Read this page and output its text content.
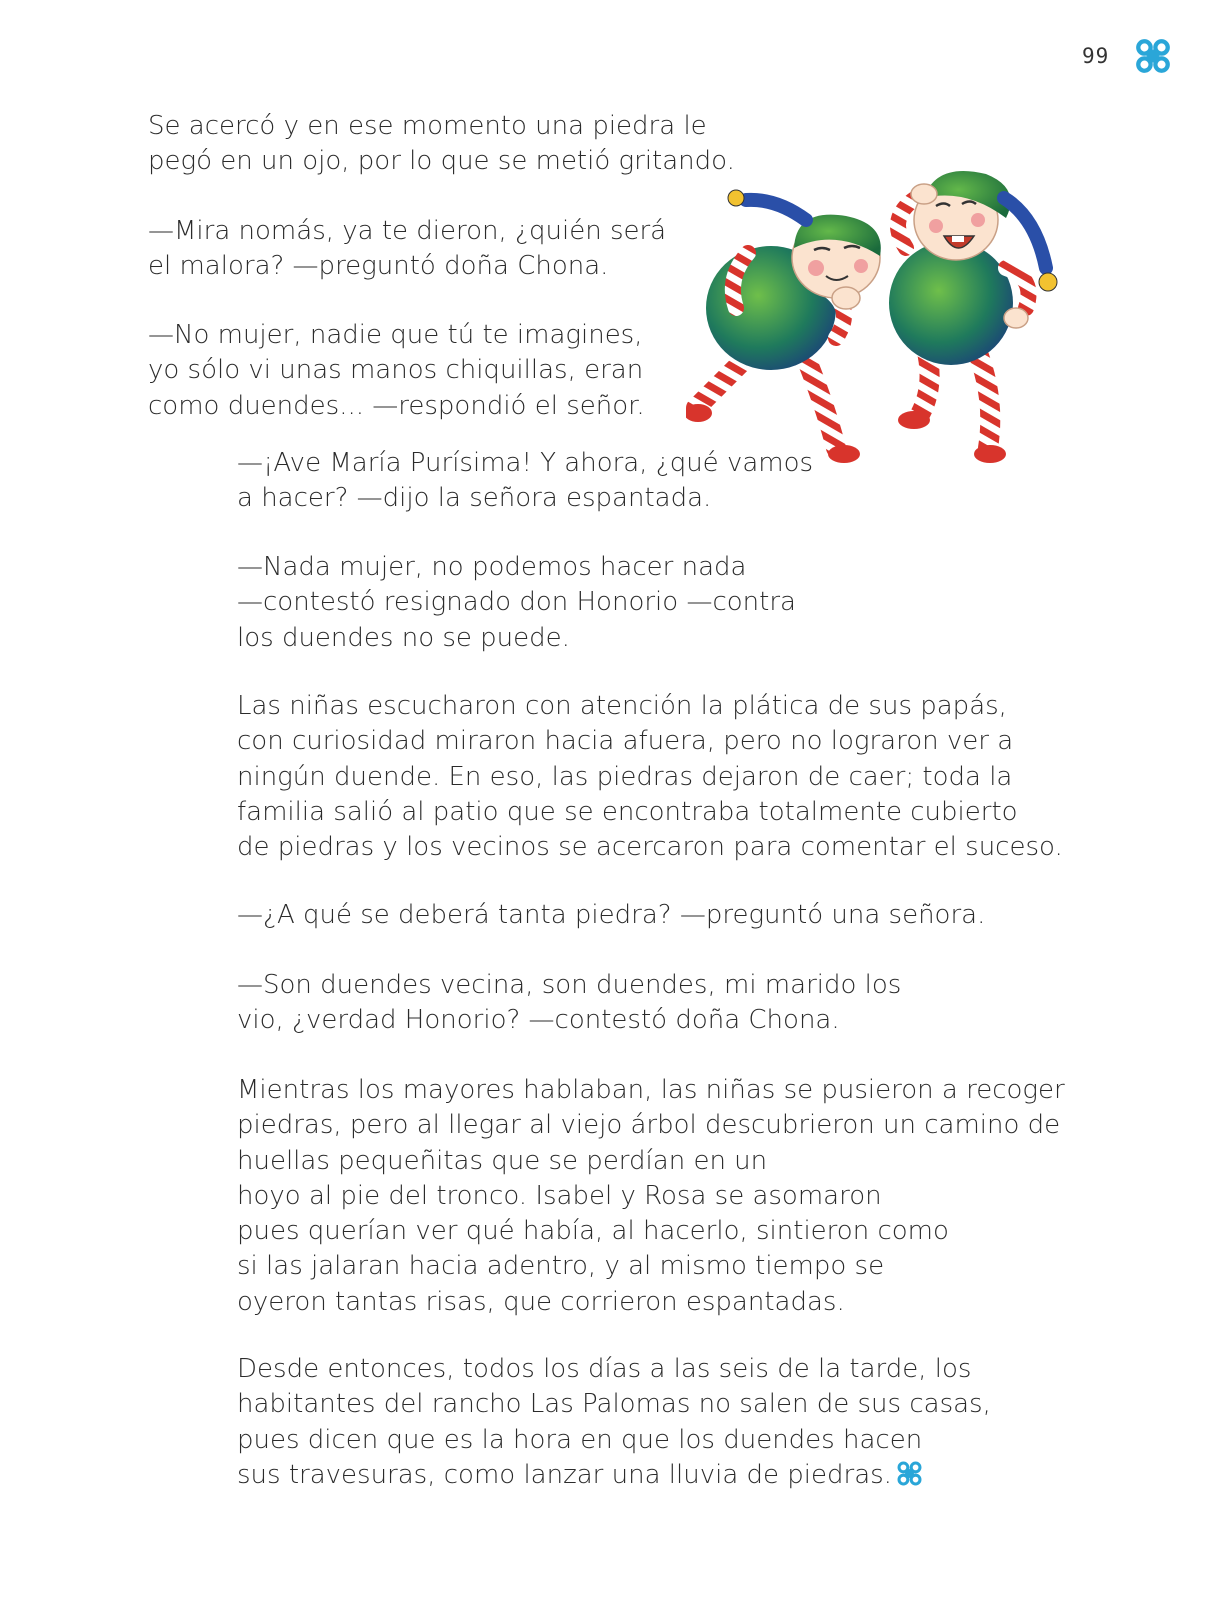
99

Se acercó y en ese momento una piedra le
pegó en un ojo, por lo que se metió gritando.

—Mira nomás, ya te dieron, ¿quién será
el malora? —preguntó doña Chona.

—No mujer, nadie que tú te imagines,
yo sólo vi unas manos chiquillas, eran
como duendes... —respondió el señor.

—¡Ave María Purísima! Y ahora, ¿qué vamos
a hacer? —dijo la señora espantada.

—Nada mujer, no podemos hacer nada
—contestó resignado don Honorio —contra
los duendes no se puede.

Las niñas escucharon con atención la plática de sus papás,
con curiosidad miraron hacia afuera, pero no lograron ver a
ningún duende. En eso, las piedras dejaron de caer; toda la
familia salió al patio que se encontraba totalmente cubierto
de piedras y los vecinos se acercaron para comentar el suceso.

—¿A qué se deberá tanta piedra? —preguntó una señora.

—Son duendes vecina, son duendes, mi marido los
vio, ¿verdad Honorio? —contestó doña Chona.

Mientras los mayores hablaban, las niñas se pusieron a recoger
piedras, pero al llegar al viejo árbol descubrieron un camino de
huellas pequeñitas que se perdían en un
hoyo al pie del tronco. Isabel y Rosa se asomaron
pues querían ver qué había, al hacerlo, sintieron como
si las jalaran hacia adentro, y al mismo tiempo se
oyeron tantas risas, que corrieron espantadas.

Desde entonces, todos los días a las seis de la tarde, los
habitantes del rancho Las Palomas no salen de sus casas,
pues dicen que es la hora en que los duendes hacen
sus travesuras, como lanzar una lluvia de piedras.
